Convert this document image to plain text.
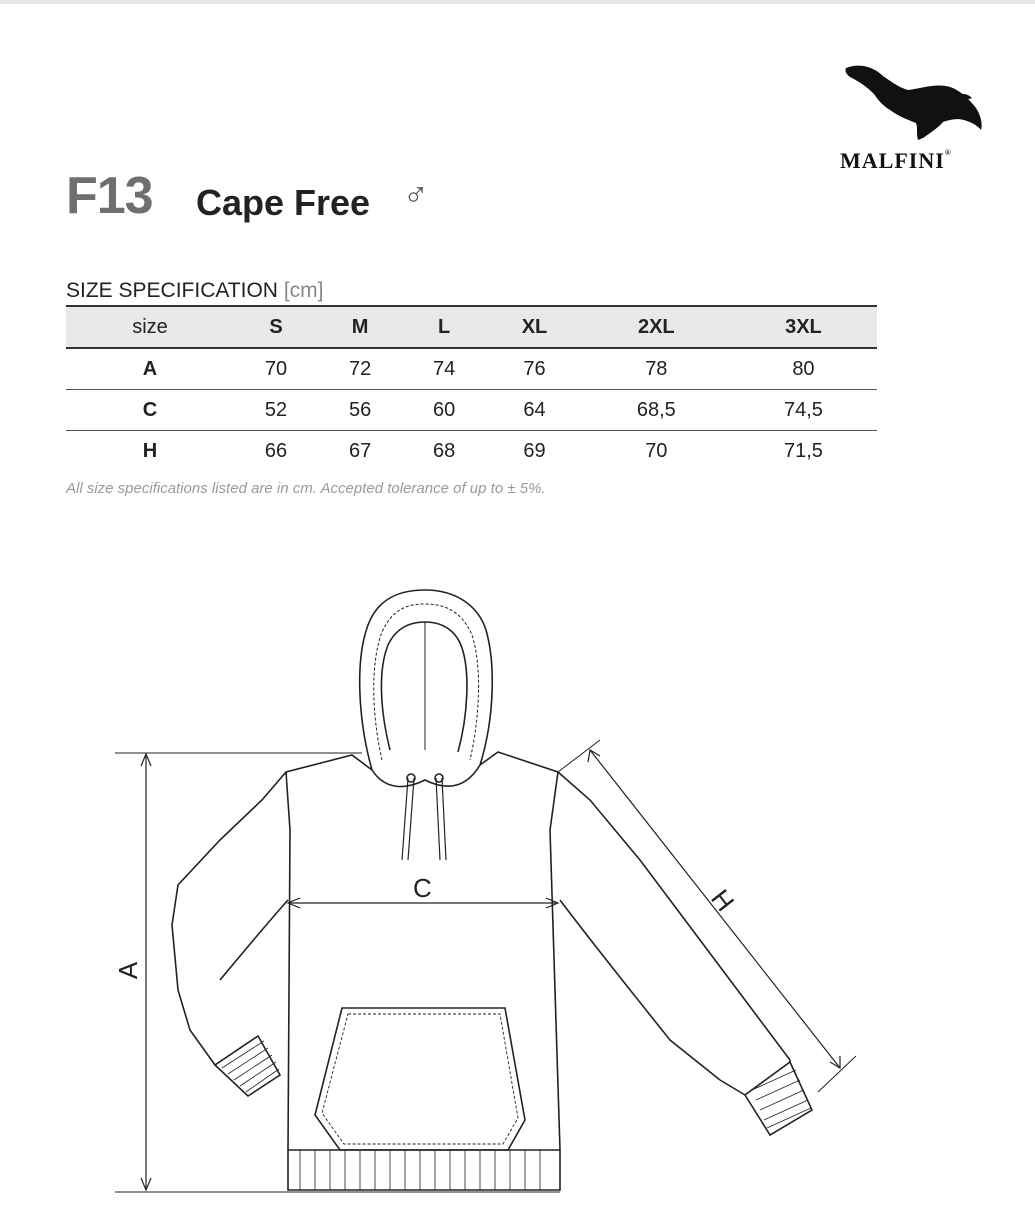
MALFINI®
F13 Cape Free ♂
SIZE SPECIFICATION [cm]
size	S	M	L	XL	2XL	3XL
A	70	72	74	76	78	80
C	52	56	60	64	68,5	74,5
H	66	67	68	69	70	71,5
All size specifications listed are in cm. Accepted tolerance of up to ± 5%.
A
C	H
